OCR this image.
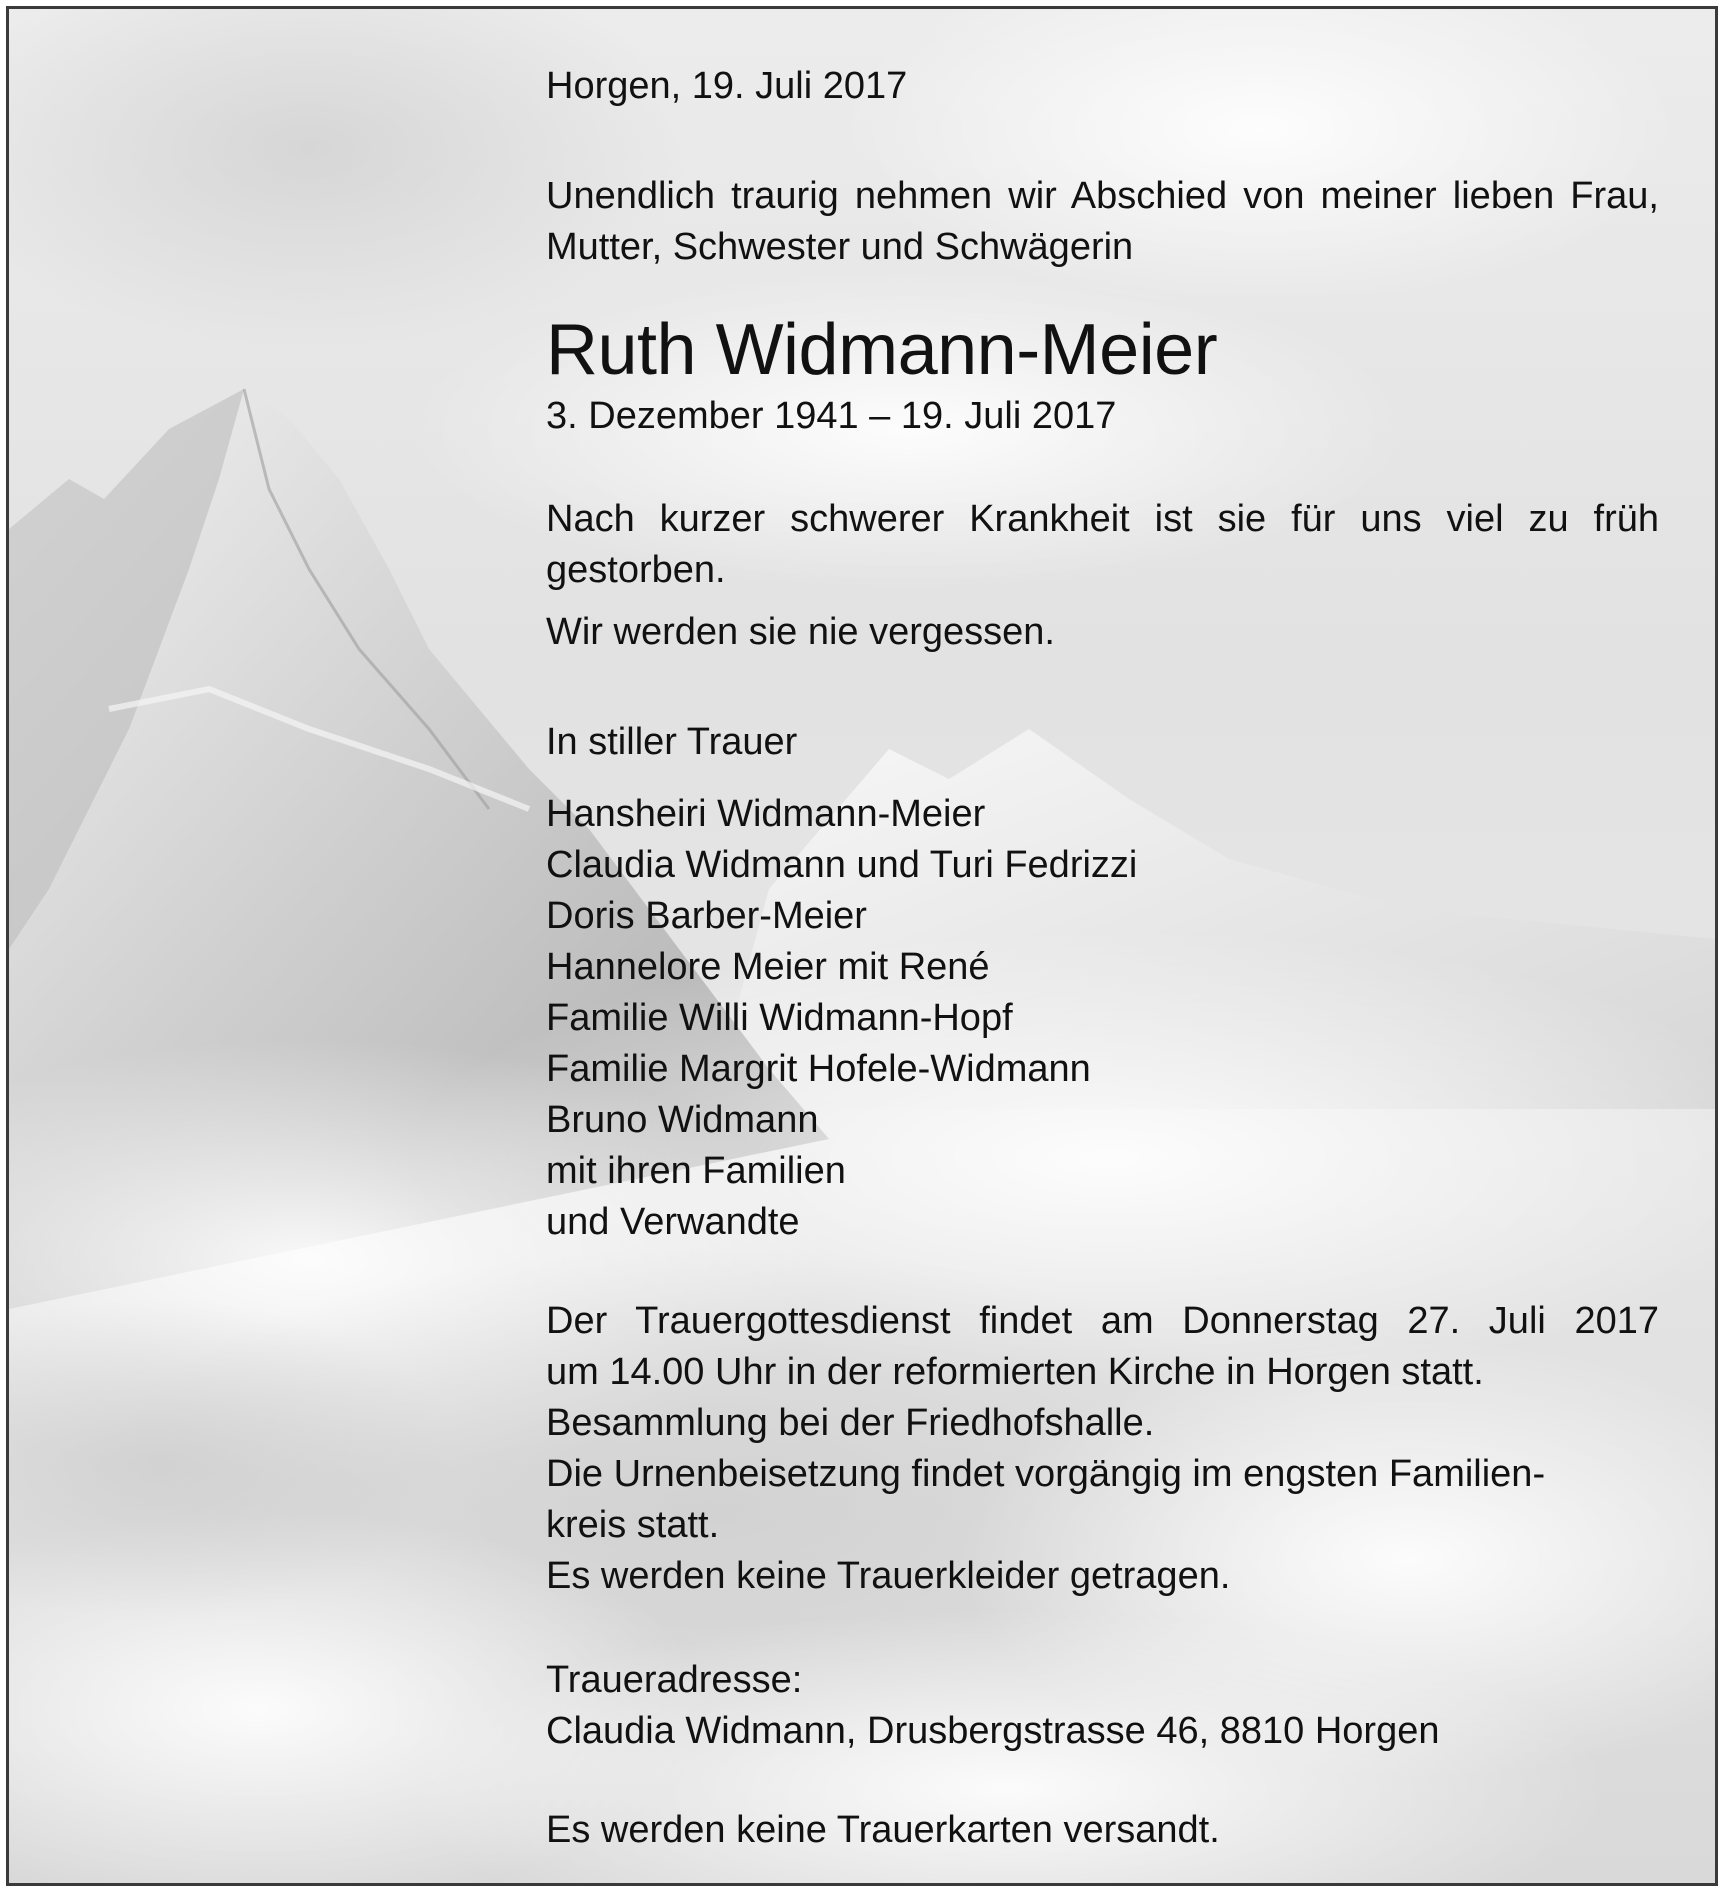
Horgen, 19. Juli 2017

Unendlich traurig nehmen wir Abschied von meiner lieben Frau, Mutter, Schwester und Schwägerin

Ruth Widmann-Meier

3. Dezember 1941 – 19. Juli 2017

Nach kurzer schwerer Krankheit ist sie für uns viel zu früh gestorben.

Wir werden sie nie vergessen.

In stiller Trauer

Hansheiri Widmann-Meier

Claudia Widmann und Turi Fedrizzi

Doris Barber-Meier

Hannelore Meier mit René

Familie Willi Widmann-Hopf

Familie Margrit Hofele-Widmann

Bruno Widmann

mit ihren Familien

und Verwandte

Der Trauergottesdienst findet am Donnerstag 27. Juli 2017

um 14.00 Uhr in der reformierten Kirche in Horgen statt.

Besammlung bei der Friedhofshalle.

Die Urnenbeisetzung findet vorgängig im engsten Familien-

kreis statt.

Es werden keine Trauerkleider getragen.

Traueradresse:

Claudia Widmann, Drusbergstrasse 46, 8810 Horgen

Es werden keine Trauerkarten versandt.
